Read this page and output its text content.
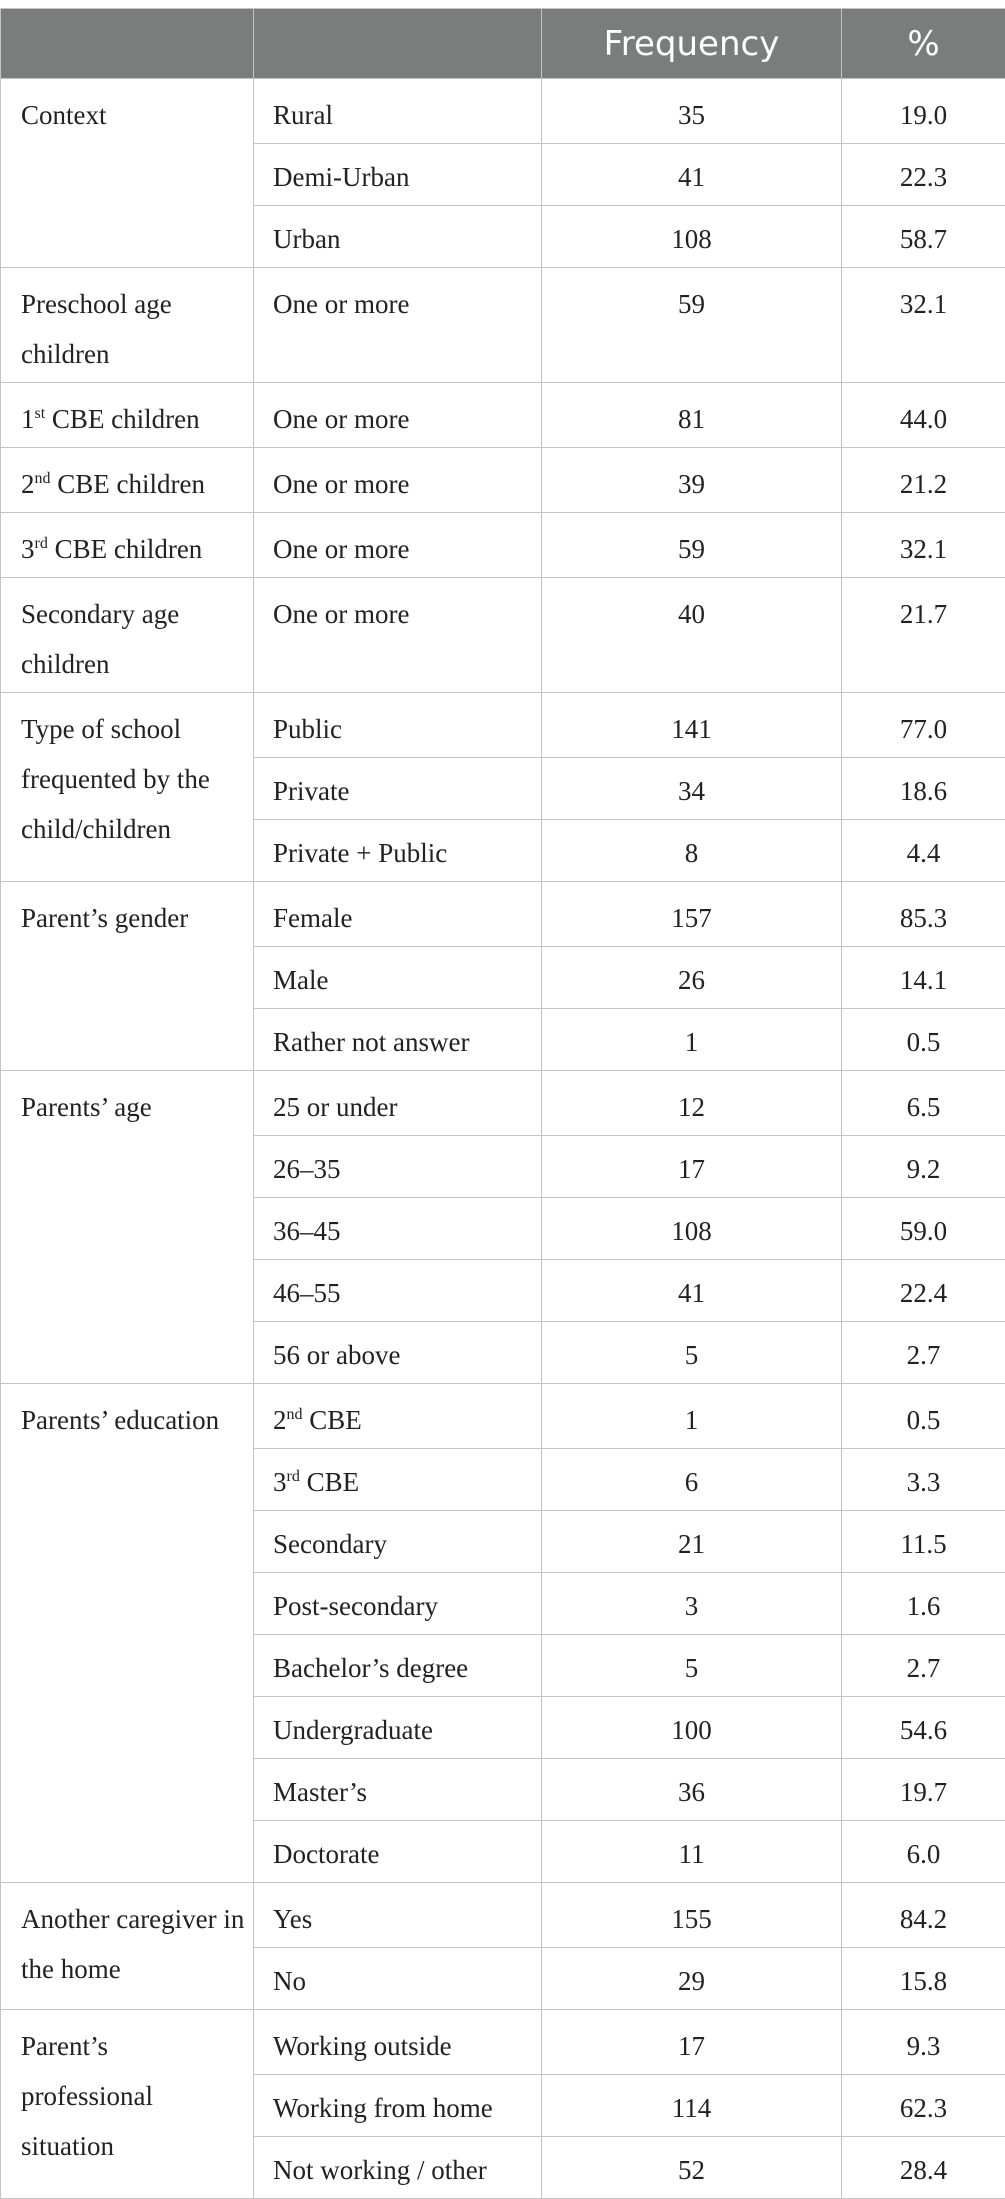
		Frequency	%
Context	Rural	35	19.0
	Demi-Urban	41	22.3
	Urban	108	58.7
Preschool age children	One or more	59	32.1
1st CBE children	One or more	81	44.0
2nd CBE children	One or more	39	21.2
3rd CBE children	One or more	59	32.1
Secondary age children	One or more	40	21.7
Type of school frequented by the child/children	Public	141	77.0
	Private	34	18.6
	Private + Public	8	4.4
Parent’s gender	Female	157	85.3
	Male	26	14.1
	Rather not answer	1	0.5
Parents’ age	25 or under	12	6.5
	26–35	17	9.2
	36–45	108	59.0
	46–55	41	22.4
	56 or above	5	2.7
Parents’ education	2nd CBE	1	0.5
	3rd CBE	6	3.3
	Secondary	21	11.5
	Post-secondary	3	1.6
	Bachelor’s degree	5	2.7
	Undergraduate	100	54.6
	Master’s	36	19.7
	Doctorate	11	6.0
Another caregiver in the home	Yes	155	84.2
	No	29	15.8
Parent’s professional situation	Working outside	17	9.3
	Working from home	114	62.3
	Not working / other	52	28.4
